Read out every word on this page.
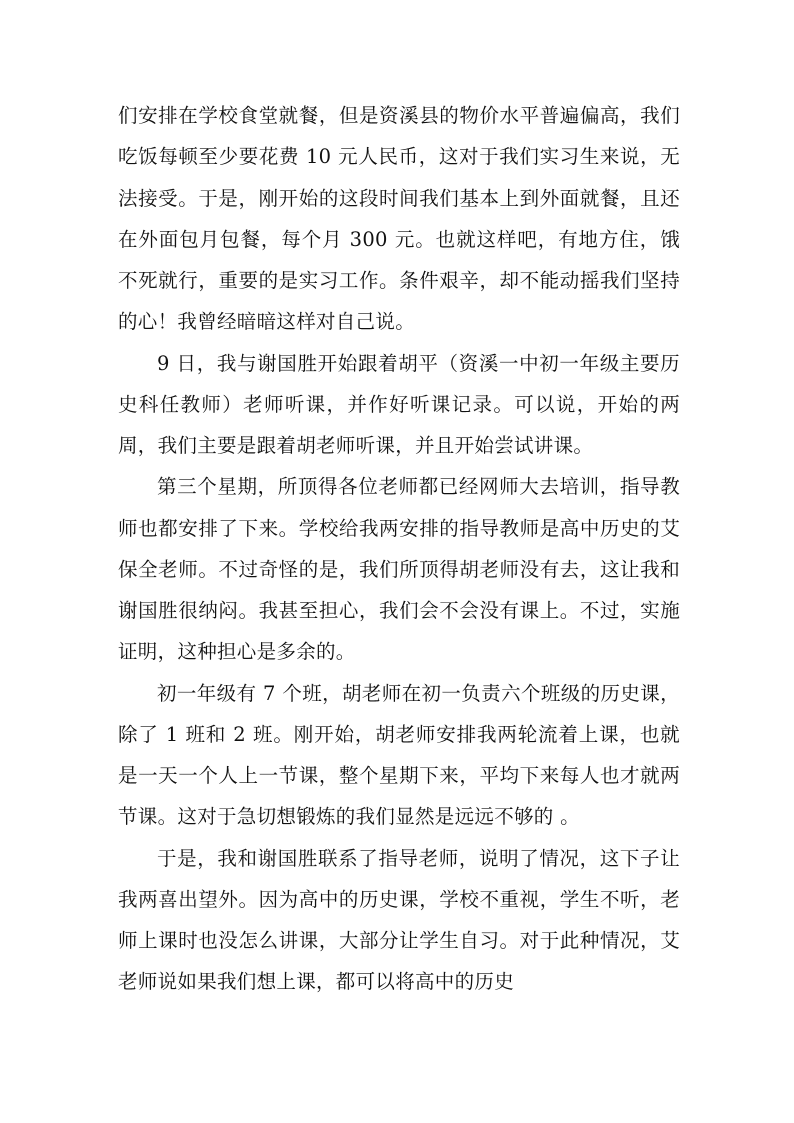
们安排在学校食堂就餐，但是资溪县的物价水平普遍偏高，我们吃饭每顿至少要花费 10 元人民币，这对于我们实习生来说，无法接受。于是，刚开始的这段时间我们基本上到外面就餐，且还在外面包月包餐，每个月 300 元。也就这样吧，有地方住，饿不死就行，重要的是实习工作。条件艰辛，却不能动摇我们坚持的心！我曾经暗暗这样对自己说。

9 日，我与谢国胜开始跟着胡平（资溪一中初一年级主要历史科任教师）老师听课，并作好听课记录。可以说，开始的两周，我们主要是跟着胡老师听课，并且开始尝试讲课。

第三个星期，所顶得各位老师都已经网师大去培训，指导教师也都安排了下来。学校给我两安排的指导教师是高中历史的艾保全老师。不过奇怪的是，我们所顶得胡老师没有去，这让我和谢国胜很纳闷。我甚至担心，我们会不会没有课上。不过，实施证明，这种担心是多余的。

初一年级有 7 个班，胡老师在初一负责六个班级的历史课，除了 1 班和 2 班。刚开始，胡老师安排我两轮流着上课，也就是一天一个人上一节课，整个星期下来，平均下来每人也才就两节课。这对于急切想锻炼的我们显然是远远不够的 。

于是，我和谢国胜联系了指导老师，说明了情况，这下子让我两喜出望外。因为高中的历史课，学校不重视，学生不听，老师上课时也没怎么讲课，大部分让学生自习。对于此种情况，艾老师说如果我们想上课，都可以将高中的历史
